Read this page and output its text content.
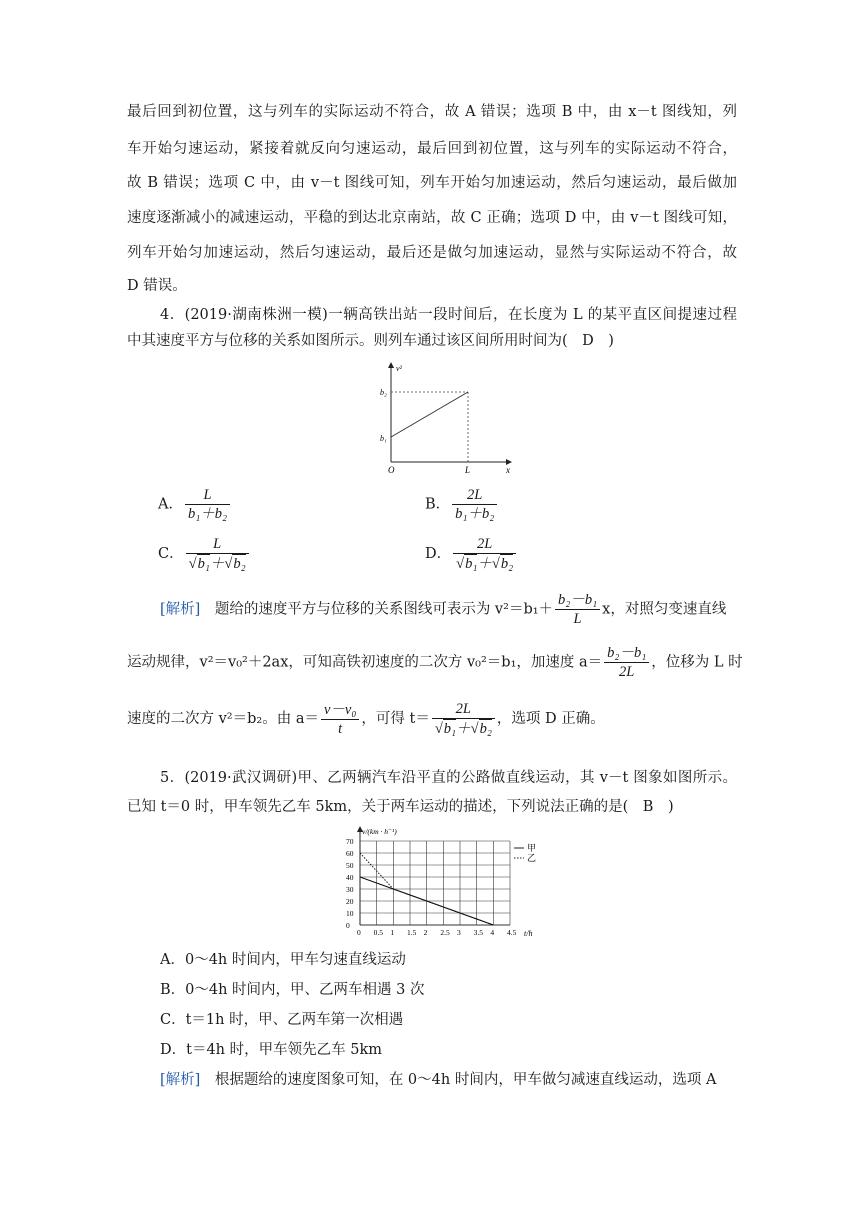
最后回到初位置，这与列车的实际运动不符合，故 A 错误；选项 B 中，由 x－t 图线知，列
车开始匀速运动，紧接着就反向匀速运动，最后回到初位置，这与列车的实际运动不符合，
故 B 错误；选项 C 中，由 v－t 图线可知，列车开始匀加速运动，然后匀速运动，最后做加
速度逐渐减小的减速运动，平稳的到达北京南站，故 C 正确；选项 D 中，由 v－t 图线可知，
列车开始匀加速运动，然后匀速运动，最后还是做匀加速运动，显然与实际运动不符合，故
D 错误。
4．(2019·湖南株洲一模)一辆高铁出站一段时间后，在长度为 L 的某平直区间提速过程
中其速度平方与位移的关系如图所示。则列车通过该区间所用时间为(　D　)
v²
x
O
b₁
b₂
L
A． $\frac{L}{\text{b₁＋b₂}}$	B． $\frac{2L}{\text{b₁＋b₂}}$
C． $\frac{L}{\text{√b₁＋√b₂}}$	D． $\frac{2L}{\text{√b₁＋√b₂}}$
[解析]　 题给的速度平方与位移的关系图线可表示为 $v^2=b_1+ \frac{\text{b₂－b₁}}{L}$ x，对照匀变速直线
运动规律，v²＝v₀²＋2ax，可知高铁初速度的二次方 v₀²＝b₁，加速度 $a= \frac{\text{b₂－b₁}}{2L}$ ，位移为 L 时
速度的二次方 v²＝b₂。由 $a= \frac{\text{v－v₀}}{t}$ ，可得 $t= \frac{2L}{\text{√b₁＋√b₂}}$ ，选项 D 正确。
5．(2019·武汉调研)甲、乙两辆汽车沿平直的公路做直线运动，其 v－t 图象如图所示。
已知 t＝0 时，甲车领先乙车 5km，关于两车运动的描述，下列说法正确的是(　B　)
0 0.5 1 1.5 2 2.5 3 3.5 4 4.5
0
10
20
30
40
50
60
70
v/(km · h⁻¹)
t/h
甲
乙
A．0～4h 时间内，甲车匀速直线运动
B．0～4h 时间内，甲、乙两车相遇 3 次
C．t＝1h 时，甲、乙两车第一次相遇
D．t＝4h 时，甲车领先乙车 5km
[解析]　 根据题给的速度图象可知，在 0～4h 时间内，甲车做匀减速直线运动，选项 A
